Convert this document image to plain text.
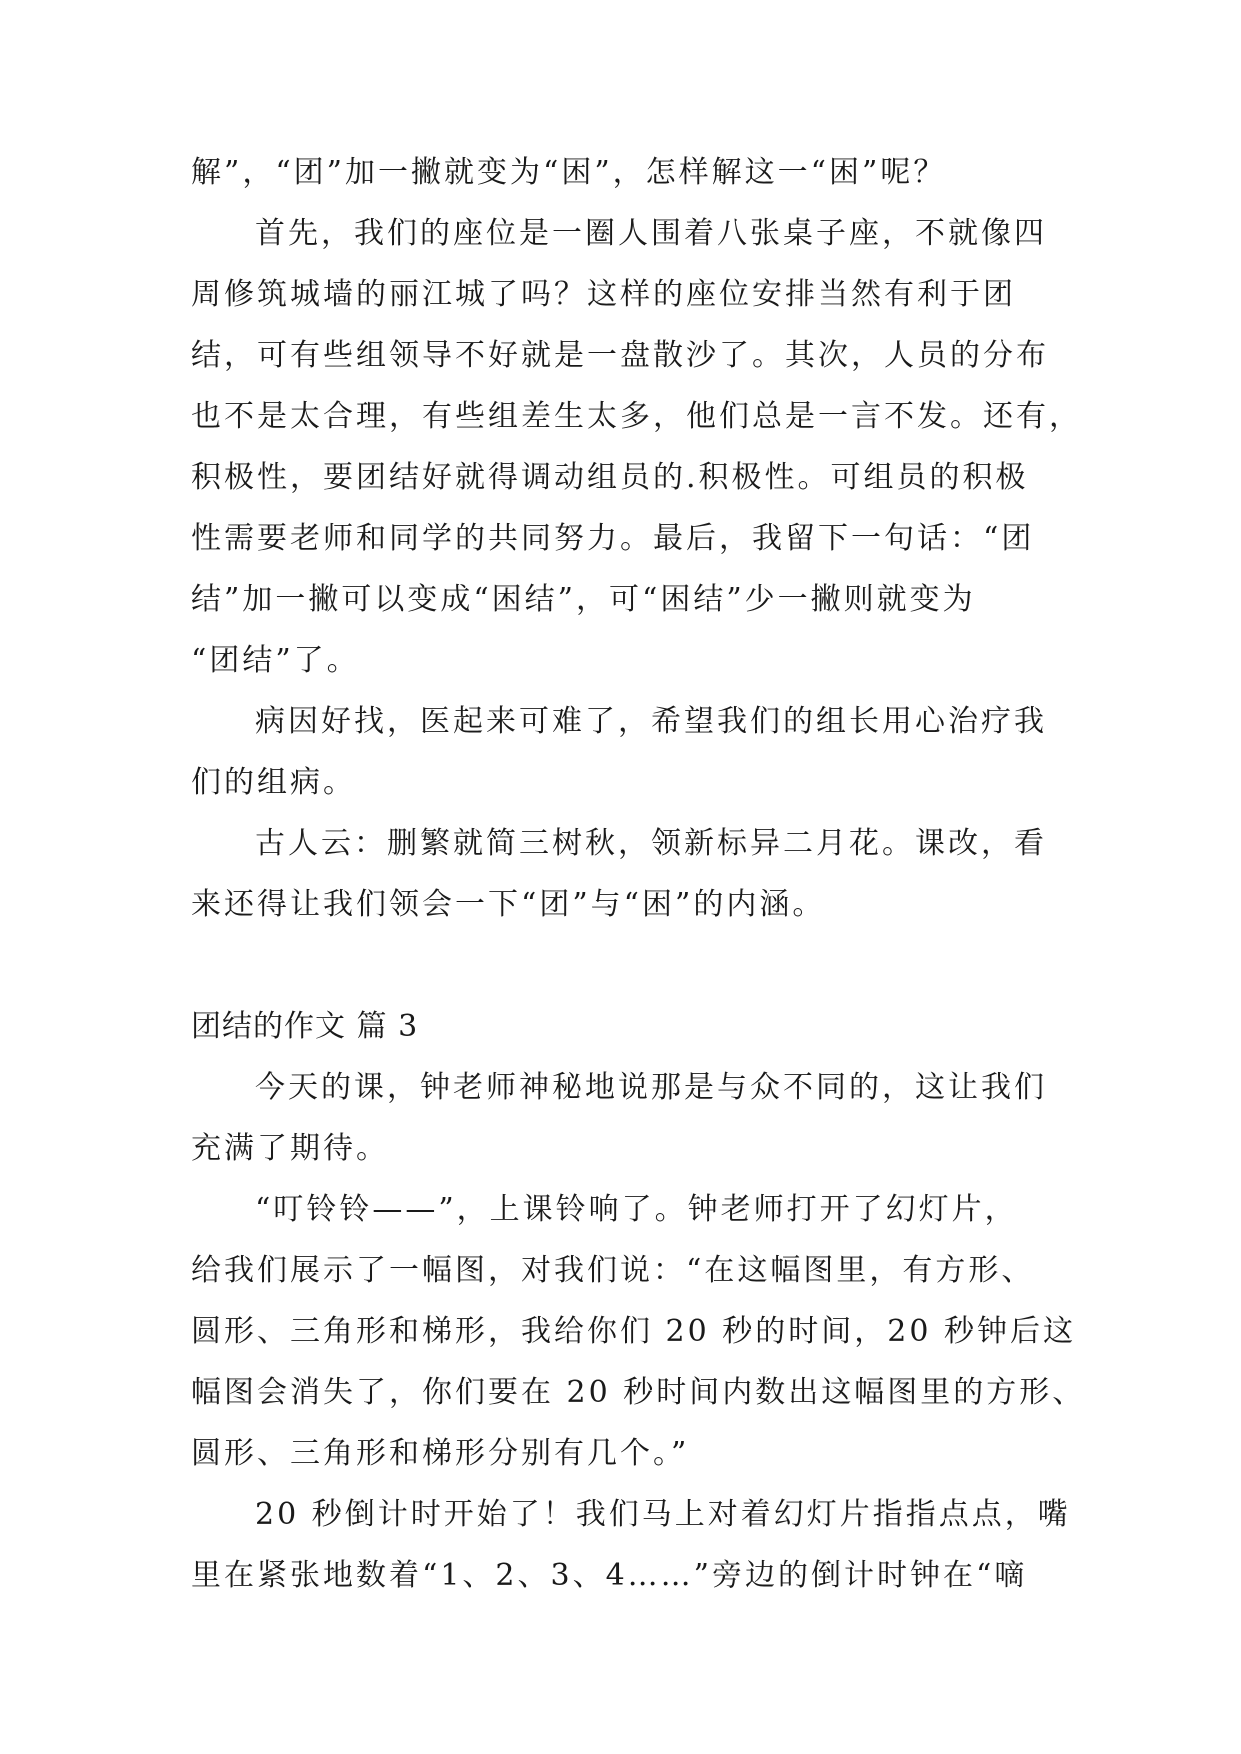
解”，“团”加一撇就变为“困”，怎样解这一“困”呢？
首先，我们的座位是一圈人围着八张桌子座，不就像四
周修筑城墙的丽江城了吗？这样的座位安排当然有利于团
结，可有些组领导不好就是一盘散沙了。其次，人员的分布
也不是太合理，有些组差生太多，他们总是一言不发。还有，
积极性，要团结好就得调动组员的.积极性。可组员的积极
性需要老师和同学的共同努力。最后，我留下一句话：“团
结”加一撇可以变成“困结”，可“困结”少一撇则就变为
“团结”了。
病因好找，医起来可难了，希望我们的组长用心治疗我
们的组病。
古人云：删繁就简三树秋，领新标异二月花。课改，看
来还得让我们领会一下“团”与“困”的内涵。
团结的作文 篇 3
今天的课，钟老师神秘地说那是与众不同的，这让我们
充满了期待。
“叮铃铃——”，上课铃响了。钟老师打开了幻灯片，
给我们展示了一幅图，对我们说：“在这幅图里，有方形、
圆形、三角形和梯形，我给你们 20 秒的时间，20 秒钟后这
幅图会消失了，你们要在 20 秒时间内数出这幅图里的方形、
圆形、三角形和梯形分别有几个。”
20 秒倒计时开始了！我们马上对着幻灯片指指点点，嘴
里在紧张地数着“1、2、3、4……”旁边的倒计时钟在“嘀
